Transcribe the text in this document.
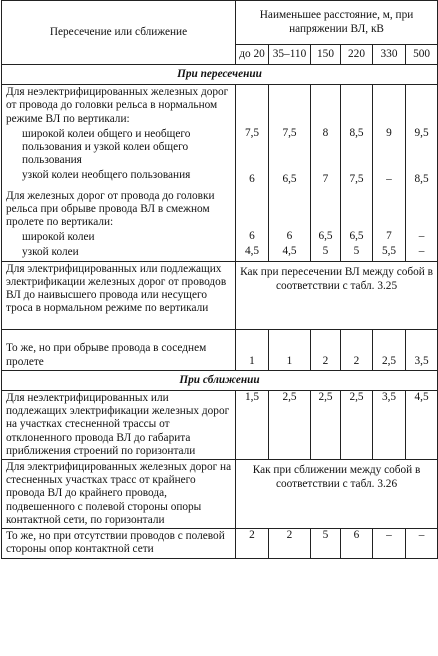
Пересечение или сближение	Наименьшее расстояние, м, при напряжении ВЛ, кВ					
	до 20	35–110	150	220	330	500
При пересечении						
Для неэлектрифицированных железных дорог от провода до головки рельса в нормальном режиме ВЛ по вертикали:						
широкой колеи общего и необщего пользования и узкой колеи общего пользования	7,5	7,5	8	8,5	9	9,5
узкой колеи необщего пользования	6	6,5	7	7,5	–	8,5
Для железных дорог от провода до головки рельса при обрыве провода ВЛ в смежном пролете по вертикали:						
широкой колеи	6	6	6,5	6,5	7	–
узкой колеи	4,5	4,5	5	5	5,5	–
Для электрифицированных или подлежащих электрификации железных дорог от проводов ВЛ до наивысшего провода или несущего троса в нормальном режиме по вертикали	Как при пересечении ВЛ между собой в соответствии с табл. 3.25					
То же, но при обрыве провода в соседнем пролете	1	1	2	2	2,5	3,5
При сближении						
Для неэлектрифицированных или подлежащих электрификации железных дорог на участках стесненной трассы от отклоненного провода ВЛ до габарита приближения строений по горизонтали	1,5	2,5	2,5	2,5	3,5	4,5
Для электрифицированных железных дорог на стесненных участках трасс от крайнего провода ВЛ до крайнего провода, подвешенного с полевой стороны опоры контактной сети, по горизонтали	Как при сближении между собой в соответствии с табл. 3.26					
То же, но при отсутствии проводов с полевой стороны опор контактной сети	2	2	5	6	–	–
